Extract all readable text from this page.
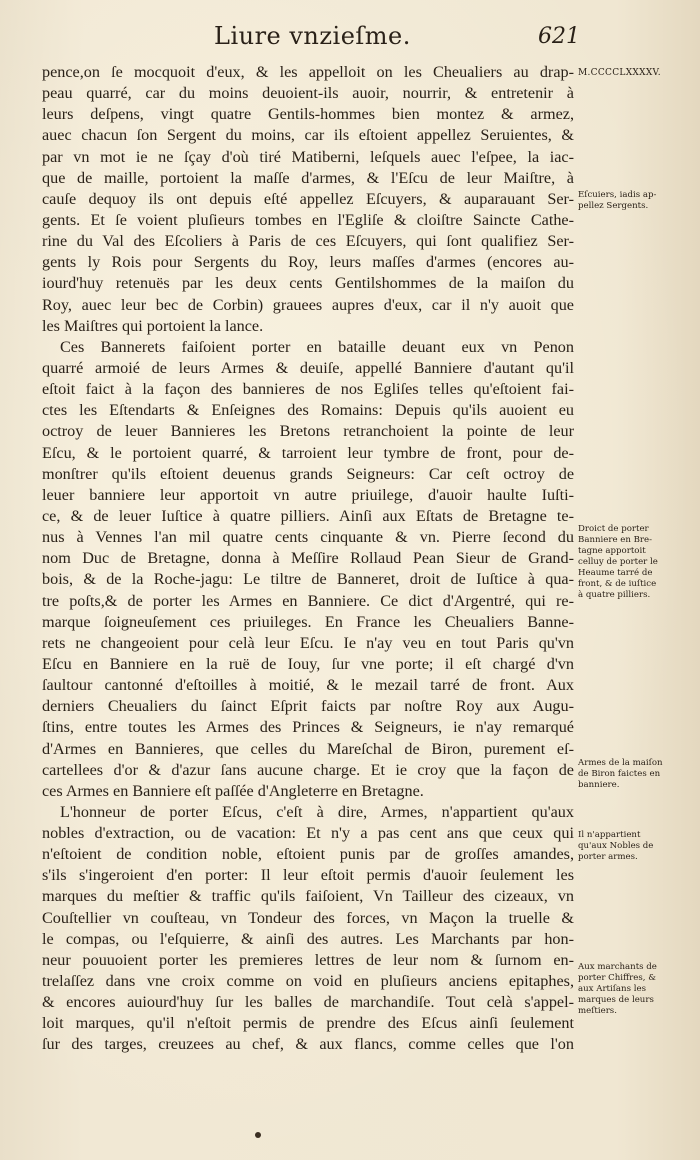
Liure vnzieſme.	621
pence,on ſe mocquoit d'eux, & les appelloit on les Cheualiers au drap-
peau quarré, car du moins deuoient-ils auoir, nourrir, & entretenir à
leurs deſpens, vingt quatre Gentils-hommes bien montez & armez,
auec chacun ſon Sergent du moins, car ils eſtoient appellez Seruientes, &
par vn mot ie ne ſçay d'où tiré Matiberni, leſquels auec l'eſpee, la iac-
que de maille, portoient la maſſe d'armes, & l'Eſcu de leur Maiſtre, à
cauſe dequoy ils ont depuis eſté appellez Eſcuyers, & auparauant Ser-
gents. Et ſe voient pluſieurs tombes en l'Egliſe & cloiſtre Saincte Cathe-
rine du Val des Eſcoliers à Paris de ces Eſcuyers, qui ſont qualifiez Ser-
gents ly Rois pour Sergents du Roy, leurs maſſes d'armes (encores au-
iourd'huy retenuës par les deux cents Gentilshommes de la maiſon du
Roy, auec leur bec de Corbin) grauees aupres d'eux, car il n'y auoit que
les Maiſtres qui portoient la lance.
Ces Bannerets faiſoient porter en bataille deuant eux vn Penon
quarré armoié de leurs Armes & deuiſe, appellé Banniere d'autant qu'il
eſtoit faict à la façon des bannieres de nos Egliſes telles qu'eſtoient fai-
ctes les Eſtendarts & Enſeignes des Romains: Depuis qu'ils auoient eu
octroy de leuer Bannieres les Bretons retranchoient la pointe de leur
Eſcu, & le portoient quarré, & tarroient leur tymbre de front, pour de-
monſtrer qu'ils eſtoient deuenus grands Seigneurs: Car ceſt octroy de
leuer banniere leur apportoit vn autre priuilege, d'auoir haulte Iuſti-
ce, & de leuer Iuſtice à quatre pilliers. Ainſi aux Eſtats de Bretagne te-
nus à Vennes l'an mil quatre cents cinquante & vn. Pierre ſecond du
nom Duc de Bretagne, donna à Meſſire Rollaud Pean Sieur de Grand-
bois, & de la Roche-jagu: Le tiltre de Banneret, droit de Iuſtice à qua-
tre poſts,& de porter les Armes en Banniere. Ce dict d'Argentré, qui re-
marque ſoigneuſement ces priuileges. En France les Cheualiers Banne-
rets ne changeoient pour celà leur Eſcu. Ie n'ay veu en tout Paris qu'vn
Eſcu en Banniere en la ruë de Iouy, ſur vne porte; il eſt chargé d'vn
ſaultour cantonné d'eſtoilles à moitié, & le mezail tarré de front. Aux
derniers Cheualiers du ſainct Eſprit faicts par noſtre Roy aux Augu-
ſtins, entre toutes les Armes des Princes & Seigneurs, ie n'ay remarqué
d'Armes en Bannieres, que celles du Mareſchal de Biron, purement eſ-
cartellees d'or & d'azur ſans aucune charge. Et ie croy que la façon de
ces Armes en Banniere eſt paſſée d'Angleterre en Bretagne.
L'honneur de porter Eſcus, c'eſt à dire, Armes, n'appartient qu'aux
nobles d'extraction, ou de vacation: Et n'y a pas cent ans que ceux qui
n'eſtoient de condition noble, eſtoient punis par de groſſes amandes,
s'ils s'ingeroient d'en porter: Il leur eſtoit permis d'auoir ſeulement les
marques du meſtier & traffic qu'ils faiſoient, Vn Tailleur des cizeaux, vn
Couſtellier vn couſteau, vn Tondeur des forces, vn Maçon la truelle &
le compas, ou l'eſquierre, & ainſi des autres. Les Marchants par hon-
neur pouuoient porter les premieres lettres de leur nom & ſurnom en-
trelaſſez dans vne croix comme on void en pluſieurs anciens epitaphes,
& encores auiourd'huy ſur les balles de marchandiſe. Tout celà s'appel-
loit marques, qu'il n'eſtoit permis de prendre des Eſcus ainſi ſeulement
ſur des targes, creuzees au chef, & aux flancs, comme celles que l'on
M.CCCCLXXXXV.
Eſcuiers, iadis ap-
pellez Sergents.
Droict de porter
Banniere en Bre-
tagne apportoit
celluy de porter le
Heaume tarré de
front, & de iuſtice
à quatre pilliers.
Armes de la maiſon
de Biron faictes en
banniere.
Il n'appartient
qu'aux Nobles de
porter armes.
Aux marchants de
porter Chiffres, &
aux Artiſans les
marques de leurs
meſtiers.
